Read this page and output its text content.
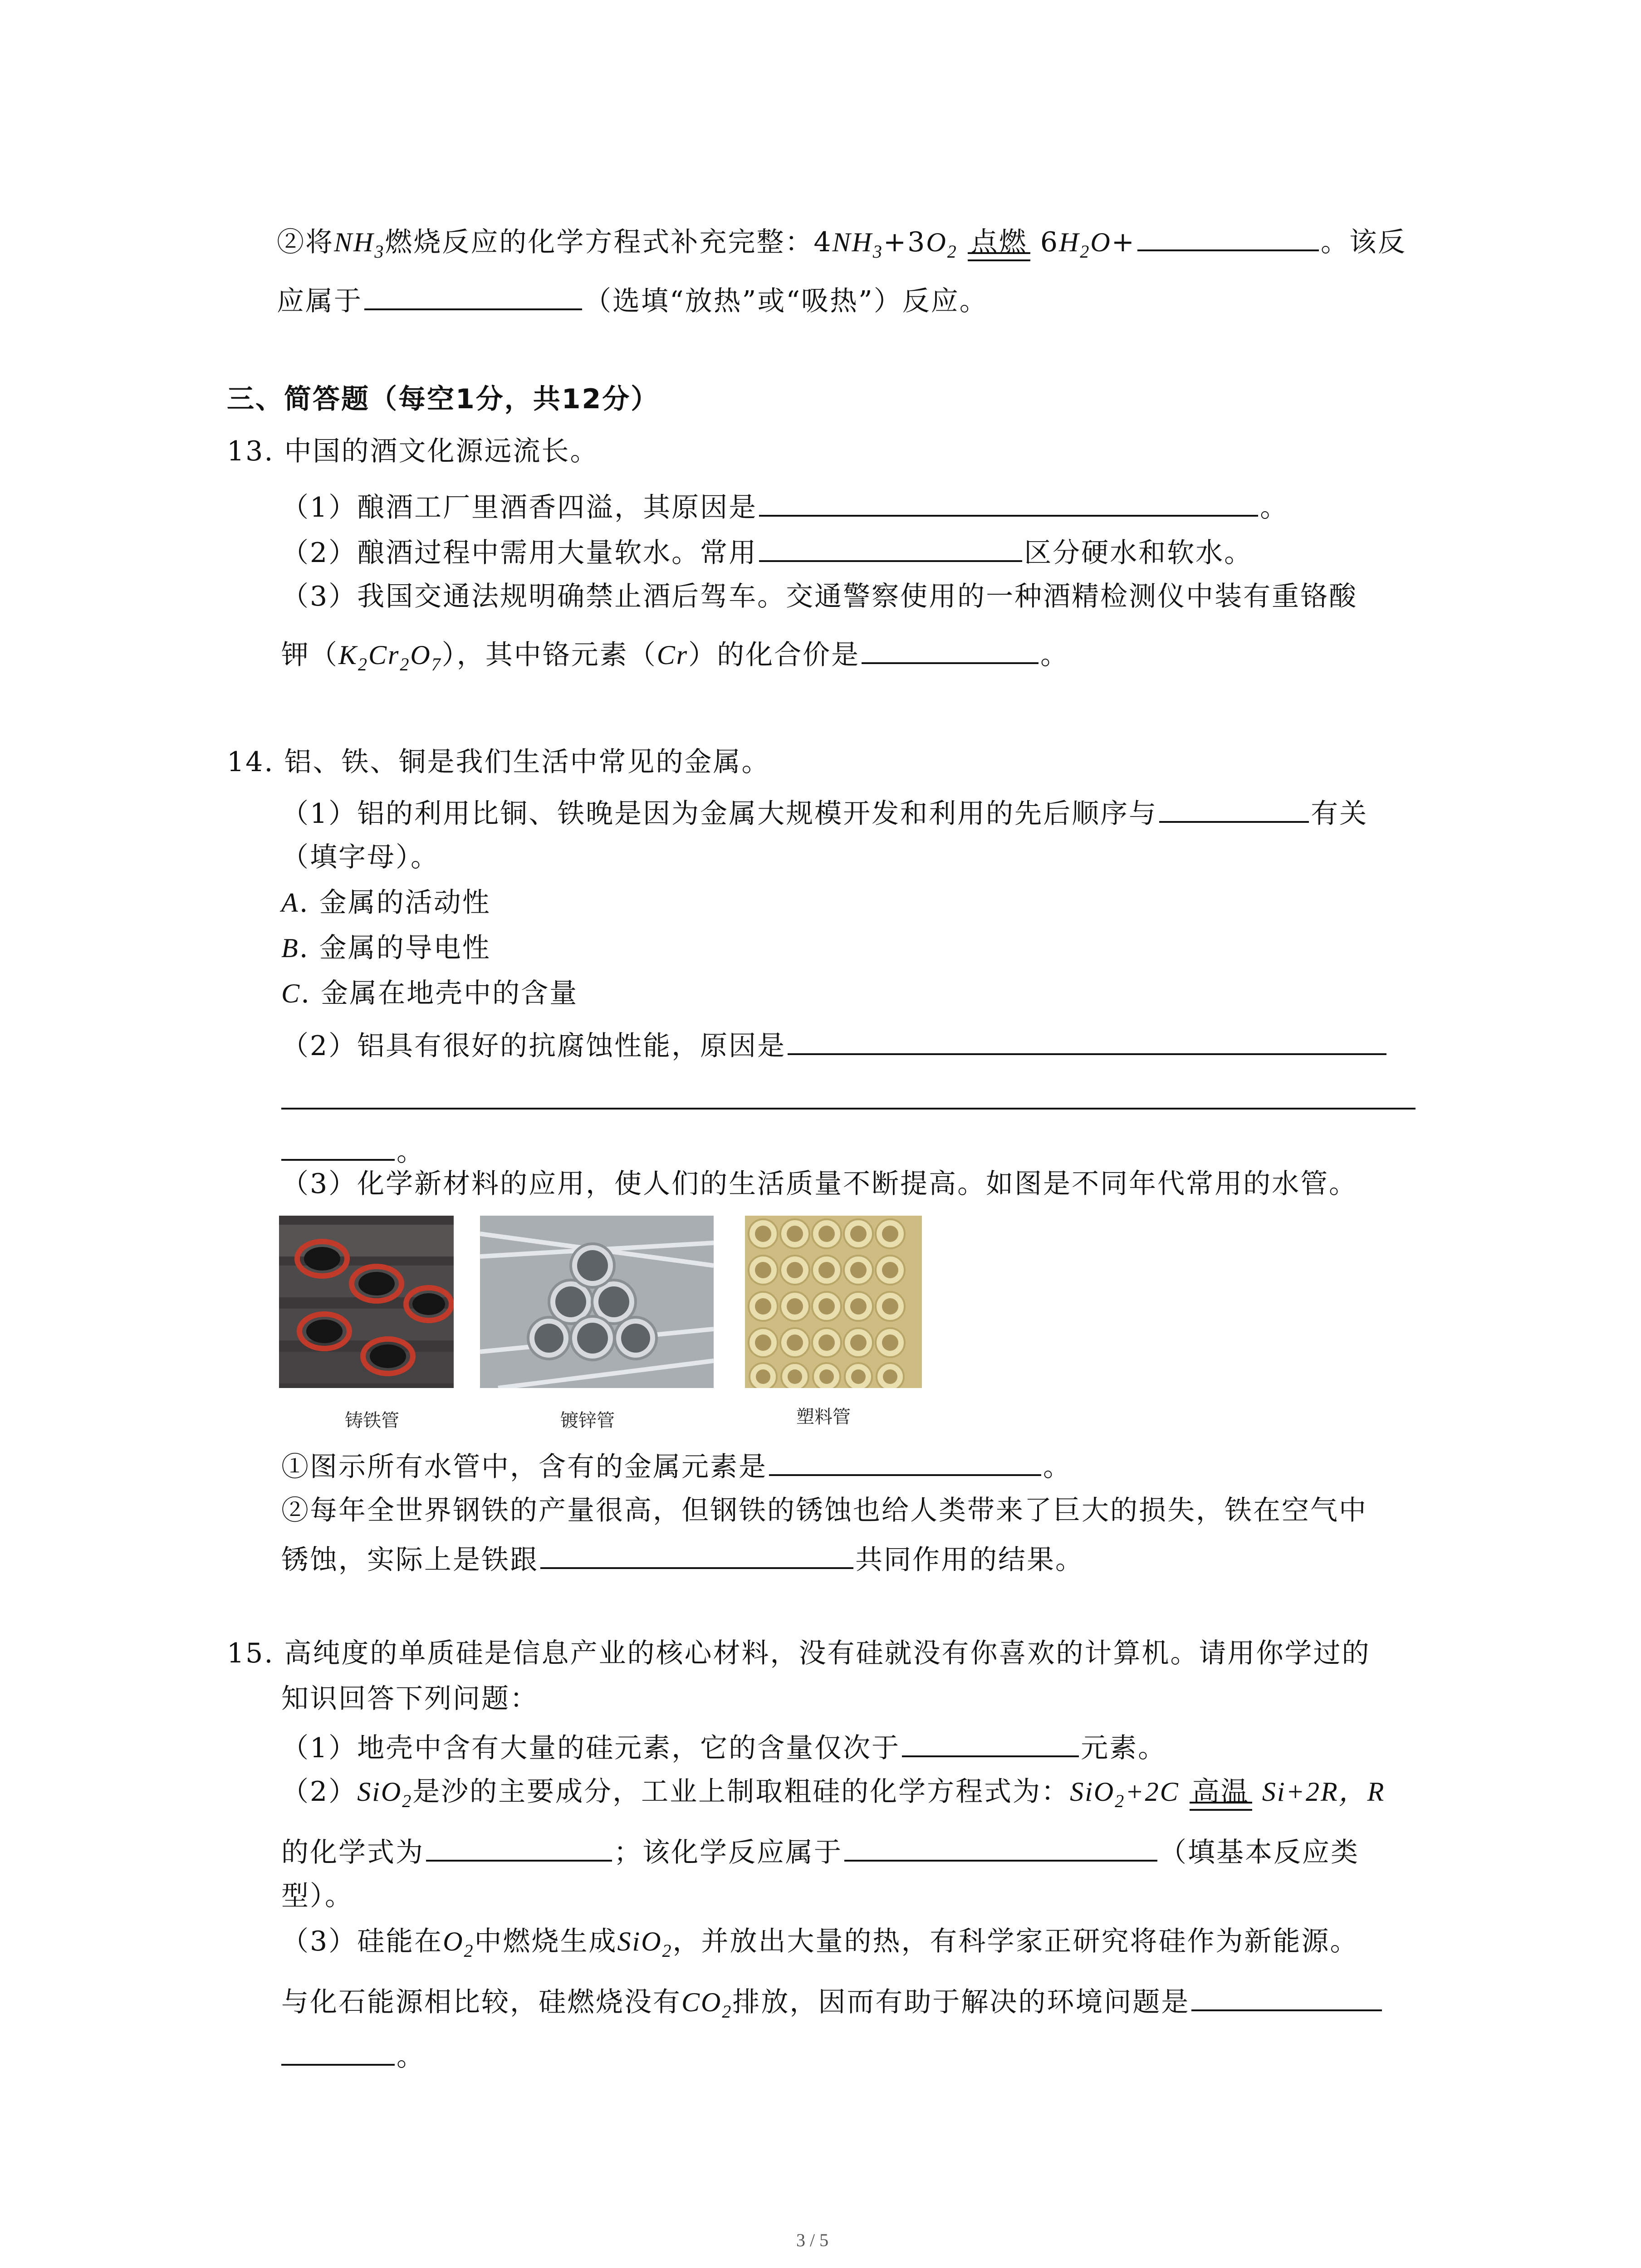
②将$NH_3$燃烧反应的化学方程式补充完整：$4NH_3+3O_2$ 点燃 $6H_2O+$	。该反
应属于	（选填“放热”或“吸热”）反应。
三、简答题（每空1分，共12分）
13. 中国的酒文化源远流长。
（1）酿酒工厂里酒香四溢，其原因是	。
（2）酿酒过程中需用大量软水。常用	区分硬水和软水。
（3）我国交通法规明确禁止酒后驾车。交通警察使用的一种酒精检测仪中装有重铬酸
钾$(K_2Cr_2O_7)$，其中铬元素（Cr）的化合价是	。
14. 铝、铁、铜是我们生活中常见的金属。
（1）铝的利用比铜、铁晚是因为金属大规模开发和利用的先后顺序与	有关
（填字母）。
A. 金属的活动性
B. 金属的导电性
C. 金属在地壳中的含量
（2）铝具有很好的抗腐蚀性能，原因是
。
（3）化学新材料的应用，使人们的生活质量不断提高。如图是不同年代常用的水管。
铸铁管	镀锌管	塑料管
①图示所有水管中，含有的金属元素是	。
②每年全世界钢铁的产量很高，但钢铁的锈蚀也给人类带来了巨大的损失，铁在空气中
锈蚀，实际上是铁跟	共同作用的结果。
15. 高纯度的单质硅是信息产业的核心材料，没有硅就没有你喜欢的计算机。请用你学过的
知识回答下列问题：
（1）地壳中含有大量的硅元素，它的含量仅次于	元素。
（2）SiO$_2$是沙的主要成分，工业上制取粗硅的化学方程式为：SiO$_2$+2C 高温 Si+2R，R
的化学式为	；该化学反应属于	（填基本反应类
型）。
（3）硅能在$O_2$中燃烧生成SiO$_2$，并放出大量的热，有科学家正研究将硅作为新能源。
与化石能源相比较，硅燃烧没有$CO_2$排放，因而有助于解决的环境问题是
。
3 / 5
